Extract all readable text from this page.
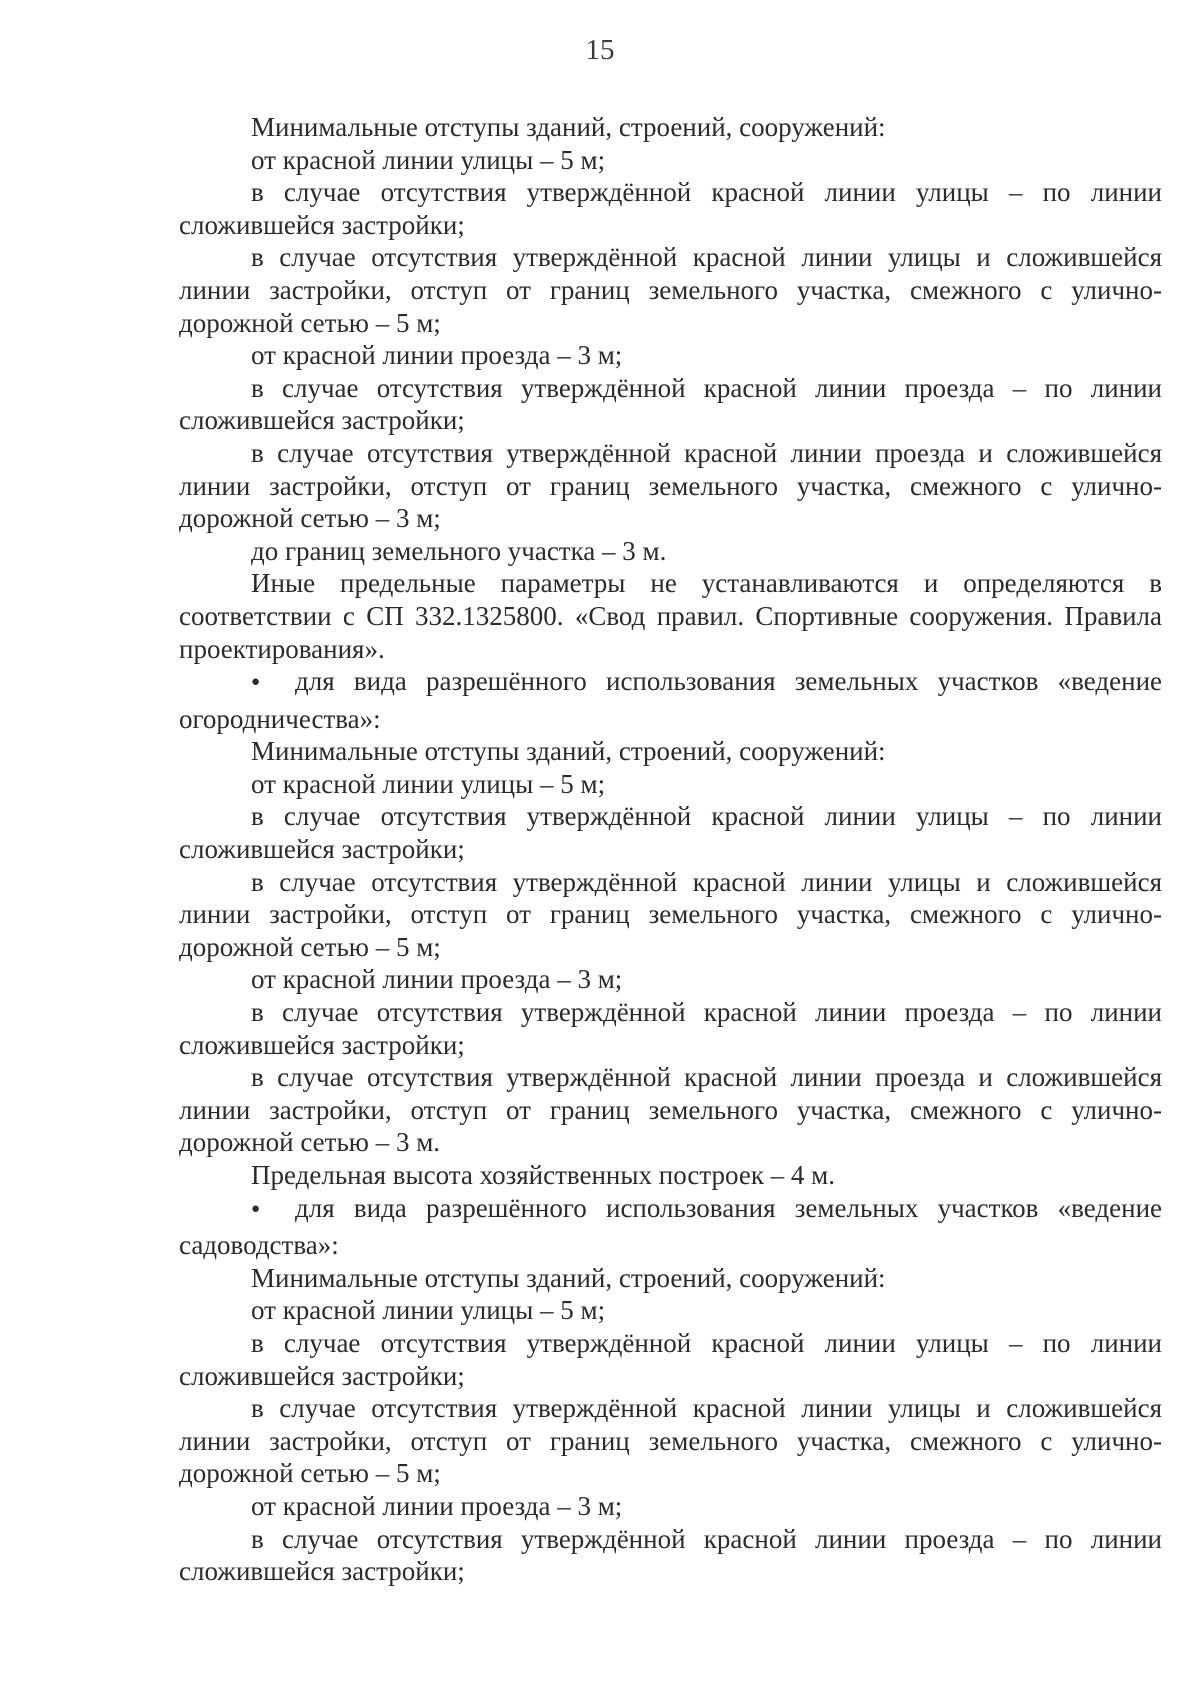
15

Минимальные отступы зданий, строений, сооружений:

от красной линии улицы – 5 м;

в случае отсутствия утверждённой красной линии улицы – по линии сложившейся застройки;

в случае отсутствия утверждённой красной линии улицы и сложившейся линии застройки, отступ от границ земельного участка, смежного с улично-дорожной сетью – 5 м;

от красной линии проезда – 3 м;

в случае отсутствия утверждённой красной линии проезда – по линии сложившейся застройки;

в случае отсутствия утверждённой красной линии проезда и сложившейся линии застройки, отступ от границ земельного участка, смежного с улично-дорожной сетью – 3 м;

до границ земельного участка – 3 м.

Иные предельные параметры не устанавливаются и определяются в соответствии с СП 332.1325800. «Свод правил. Спортивные сооружения. Правила проектирования».

●для вида разрешённого использования земельных участков «ведение огородничества»:

Минимальные отступы зданий, строений, сооружений:

от красной линии улицы – 5 м;

в случае отсутствия утверждённой красной линии улицы – по линии сложившейся застройки;

в случае отсутствия утверждённой красной линии улицы и сложившейся линии застройки, отступ от границ земельного участка, смежного с улично-дорожной сетью – 5 м;

от красной линии проезда – 3 м;

в случае отсутствия утверждённой красной линии проезда – по линии сложившейся застройки;

в случае отсутствия утверждённой красной линии проезда и сложившейся линии застройки, отступ от границ земельного участка, смежного с улично-дорожной сетью – 3 м.

Предельная высота хозяйственных построек – 4 м.

●для вида разрешённого использования земельных участков «ведение садоводства»:

Минимальные отступы зданий, строений, сооружений:

от красной линии улицы – 5 м;

в случае отсутствия утверждённой красной линии улицы – по линии сложившейся застройки;

в случае отсутствия утверждённой красной линии улицы и сложившейся линии застройки, отступ от границ земельного участка, смежного с улично-дорожной сетью – 5 м;

от красной линии проезда – 3 м;

в случае отсутствия утверждённой красной линии проезда – по линии сложившейся застройки;
